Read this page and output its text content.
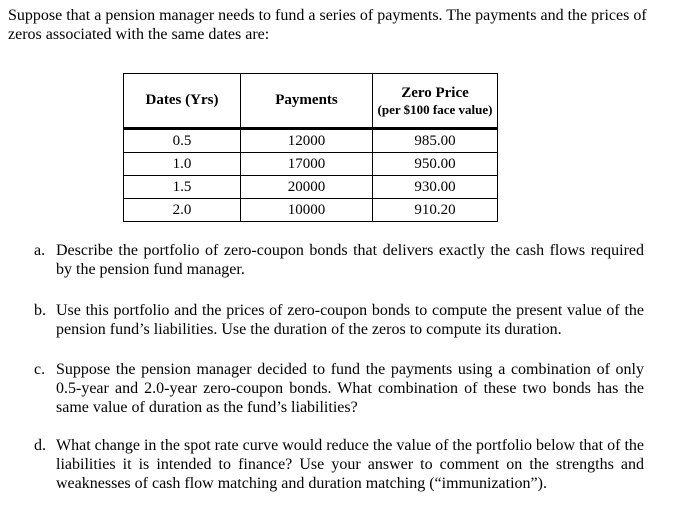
Suppose that a pension manager needs to fund a series of payments. The payments and the prices of zeros associated with the same dates are:
Dates (Yrs)	Payments	Zero Price
(per $100 face value)

0.5	12000	985.00
1.0	17000	950.00
1.5	20000	930.00
2.0	10000	910.20
a. Describe the portfolio of zero-coupon bonds that delivers exactly the cash flows required by the pension fund manager.
b. Use this portfolio and the prices of zero-coupon bonds to compute the present value of the pension fund’s liabilities. Use the duration of the zeros to compute its duration.
c. Suppose the pension manager decided to fund the payments using a combination of only 0.5-year and 2.0-year zero-coupon bonds. What combination of these two bonds has the same value of duration as the fund’s liabilities?
d. What change in the spot rate curve would reduce the value of the portfolio below that of the liabilities it is intended to finance? Use your answer to comment on the strengths and weaknesses of cash flow matching and duration matching (“immunization”).
